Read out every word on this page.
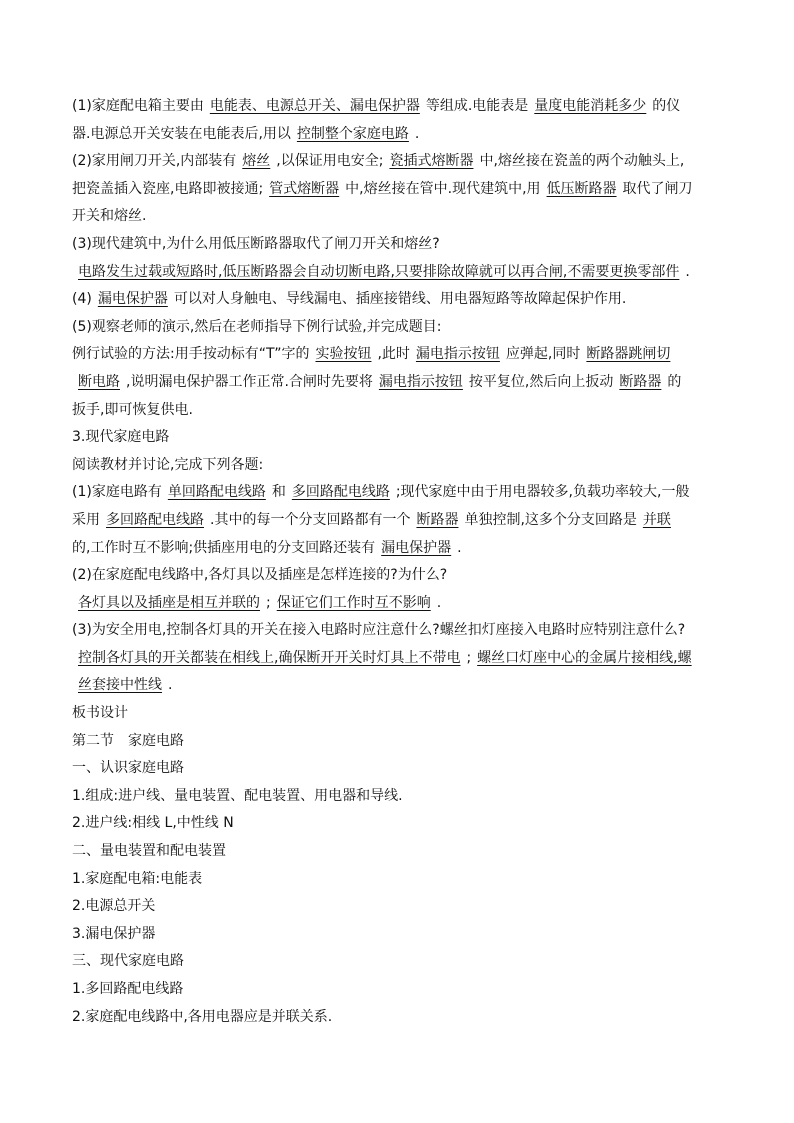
(1)家庭配电箱主要由 电能表、电源总开关、漏电保护器 等组成.电能表是 量度电能消耗多少 的仪
器.电源总开关安装在电能表后,用以 控制整个家庭电路 .
(2)家用闸刀开关,内部装有 熔丝 ,以保证用电安全; 瓷插式熔断器 中,熔丝接在瓷盖的两个动触头上,
把瓷盖插入瓷座,电路即被接通; 管式熔断器 中,熔丝接在管中.现代建筑中,用 低压断路器 取代了闸刀
开关和熔丝.
(3)现代建筑中,为什么用低压断路器取代了闸刀开关和熔丝?
电路发生过载或短路时,低压断路器会自动切断电路,只要排除故障就可以再合闸,不需要更换零部件 .
(4) 漏电保护器 可以对人身触电、导线漏电、插座接错线、用电器短路等故障起保护作用.
(5)观察老师的演示,然后在老师指导下例行试验,并完成题目:
例行试验的方法:用手按动标有“T”字的 实验按钮 ,此时 漏电指示按钮 应弹起,同时 断路器跳闸切
断电路 ,说明漏电保护器工作正常.合闸时先要将 漏电指示按钮 按平复位,然后向上扳动 断路器 的
扳手,即可恢复供电.
3.现代家庭电路
阅读教材并讨论,完成下列各题:
(1)家庭电路有 单回路配电线路 和 多回路配电线路 ;现代家庭中由于用电器较多,负载功率较大,一般
采用 多回路配电线路 .其中的每一个分支回路都有一个 断路器 单独控制,这多个分支回路是 并联
的,工作时互不影响;供插座用电的分支回路还装有 漏电保护器 .
(2)在家庭配电线路中,各灯具以及插座是怎样连接的?为什么?
各灯具以及插座是相互并联的 ; 保证它们工作时互不影响 .
(3)为安全用电,控制各灯具的开关在接入电路时应注意什么?螺丝扣灯座接入电路时应特别注意什么?
控制各灯具的开关都装在相线上,确保断开开关时灯具上不带电 ; 螺丝口灯座中心的金属片接相线,螺
丝套接中性线 .
板书设计
第二节　家庭电路
一、认识家庭电路
1.组成:进户线、量电装置、配电装置、用电器和导线.
2.进户线:相线 L,中性线 N
二、量电装置和配电装置
1.家庭配电箱:电能表
2.电源总开关
3.漏电保护器
三、现代家庭电路
1.多回路配电线路
2.家庭配电线路中,各用电器应是并联关系.
